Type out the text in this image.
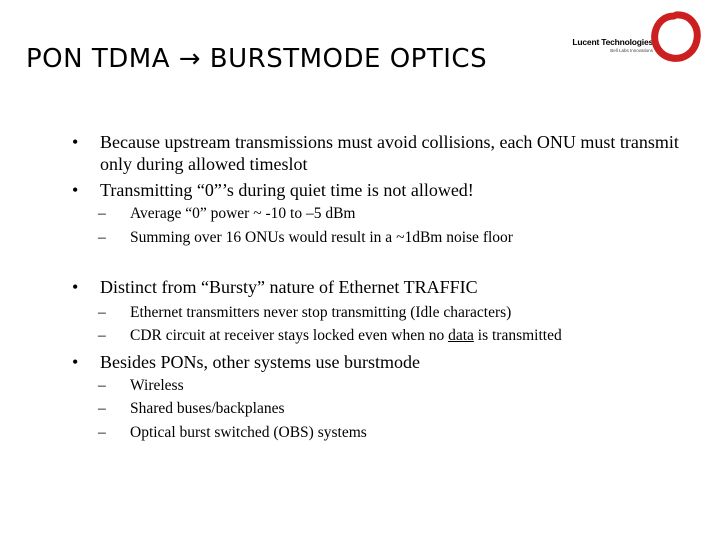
PON TDMA → BURSTMODE OPTICS
Lucent Technologies
Bell Labs Innovations
• Because upstream transmissions must avoid collisions, each ONU must transmit only during allowed timeslot
• Transmitting “0”’s during quiet time is not allowed!
– Average “0” power ~ -10 to –5 dBm
– Summing over 16 ONUs would result in a ~1dBm noise floor
• Distinct from “Bursty” nature of Ethernet TRAFFIC
– Ethernet transmitters never stop transmitting (Idle characters)
– CDR circuit at receiver stays locked even when no data is transmitted
• Besides PONs, other systems use burstmode
– Wireless
– Shared buses/backplanes
– Optical burst switched (OBS) systems
